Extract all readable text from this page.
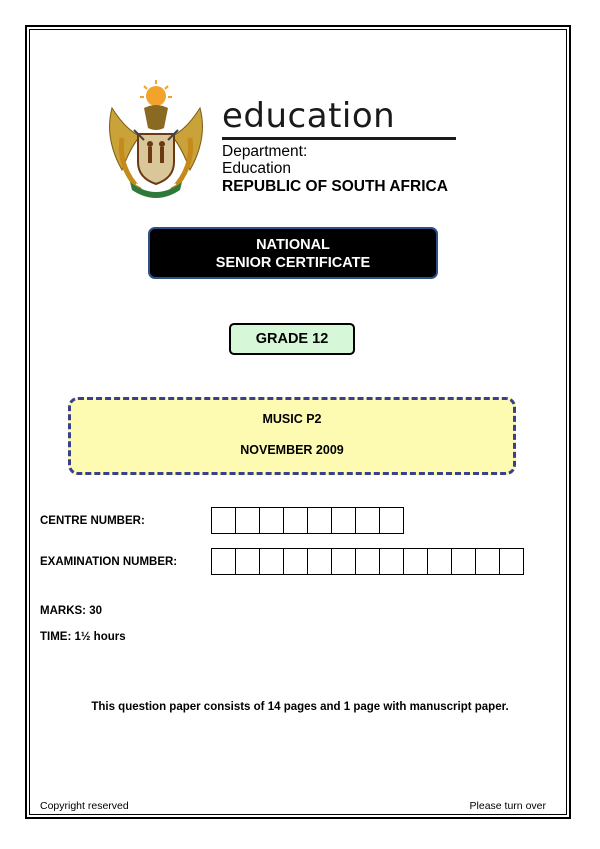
education
Department:
Education
REPUBLIC OF SOUTH AFRICA
NATIONAL
SENIOR CERTIFICATE
GRADE 12
MUSIC P2
NOVEMBER 2009
CENTRE NUMBER:
EXAMINATION NUMBER:
MARKS: 30
TIME: 1½ hours
This question paper consists of 14 pages and 1 page with manuscript paper.
Copyright reserved	Please turn over
